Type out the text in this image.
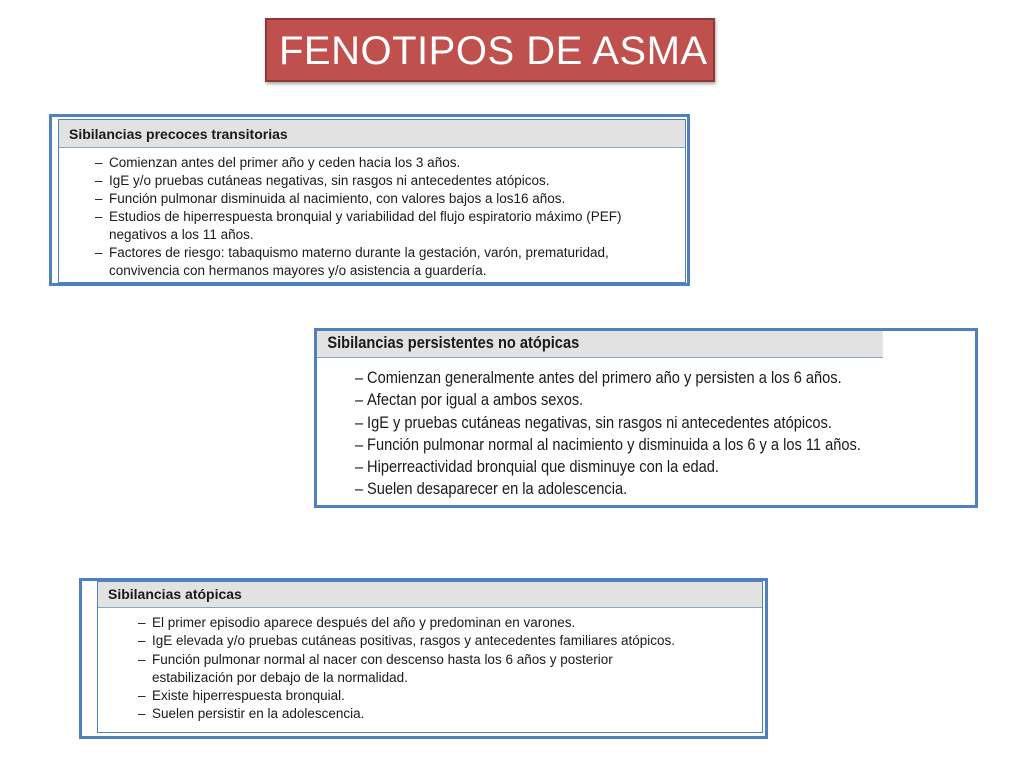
FENOTIPOS DE ASMA
Sibilancias precoces transitorias
– Comienzan antes del primer año y ceden hacia los 3 años.
– IgE y/o pruebas cutáneas negativas, sin rasgos ni antecedentes atópicos.
– Función pulmonar disminuida al nacimiento, con valores bajos a los16 años.
– Estudios de hiperrespuesta bronquial y variabilidad del flujo espiratorio máximo (PEF)
negativos a los 11 años.
– Factores de riesgo: tabaquismo materno durante la gestación, varón, prematuridad,
convivencia con hermanos mayores y/o asistencia a guardería.
Sibilancias persistentes no atópicas
– Comienzan generalmente antes del primero año y persisten a los 6 años.
– Afectan por igual a ambos sexos.
– IgE y pruebas cutáneas negativas, sin rasgos ni antecedentes atópicos.
– Función pulmonar normal al nacimiento y disminuida a los 6 y a los 11 años.
– Hiperreactividad bronquial que disminuye con la edad.
– Suelen desaparecer en la adolescencia.
Sibilancias atópicas
– El primer episodio aparece después del año y predominan en varones.
– IgE elevada y/o pruebas cutáneas positivas, rasgos y antecedentes familiares atópicos.
– Función pulmonar normal al nacer con descenso hasta los 6 años y posterior
estabilización por debajo de la normalidad.
– Existe hiperrespuesta bronquial.
– Suelen persistir en la adolescencia.
